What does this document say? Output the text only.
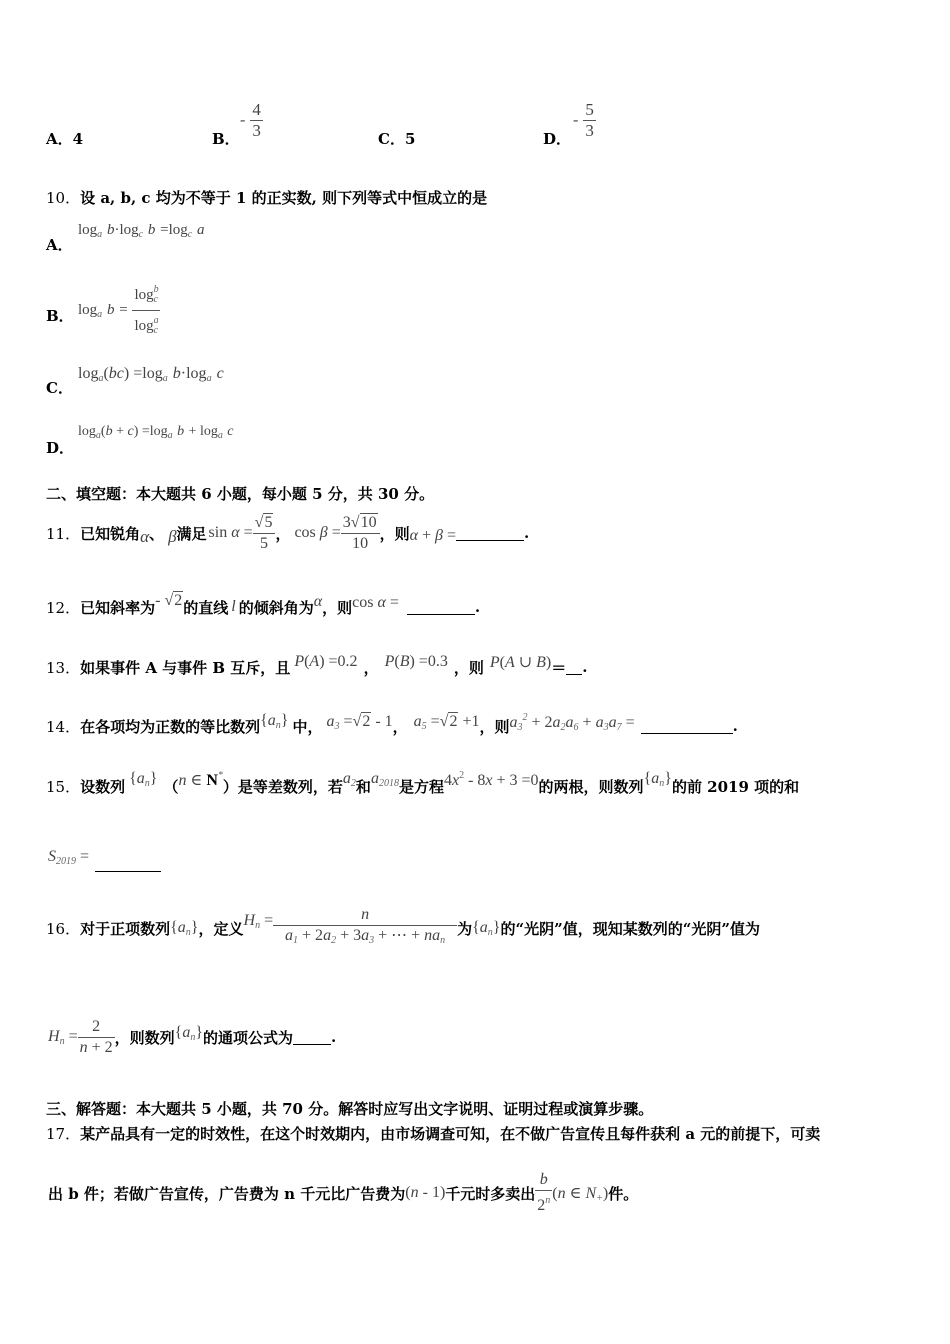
A．4	B．
- $\frac{4}{3}$	C．5	D．
- $\frac{5}{3}$
10．设 a, b, c 均为不等于 1 的正实数, 则下列等式中恒成立的是
A．
$\log_a b\cdot\log_c$ $b =\log_c$ a
B． $\log_a b = \frac{\log^b_c}{\log^a_c}$
C．
$\log_a(bc) =\log_a$ $b\cdot\log_a$ c
D．
$\log_a(b + c) =\log_a$ $b + \log_a c$
二、填空题：本大题共 6 小题，每小题 5 分，共 30 分。
11． 已知锐角 α 、 β 满足 $\sin \alpha = \frac{√5}{5}$ ， $\cos \beta = \frac{3√10}{10}$ ，则 α + β =	.
12． 已知斜率为 - √2 的直线 l 的倾斜角为 α ，则 cos α =	.
13． 如果事件 A 与事件 B 互斥，且 P(A) =0.2 ， P(B) =0.3 ，则 P(A ∪ B) ＝ .
14． 在各项均为正数的等比数列 $\{a_n\}$ 中， $a_3 =√2 - 1$ ， $a_5 =√2 +1$ ，则 $a_3^2 + 2a_2a_6 + a_3a_7$ =	.
15． 设数列 $\{a_n\}$ （ n ∈ N*
）是等差数列，若 $a_2$ 和 $a_{2018}$ 是方程 $4x^2 - 8x + 3 =0$ 的两根，则数列 $\{a_n\}$ 的前 2019 项的和
$S_{2019}$ =
16． 对于正项数列 $\{a_n\}$ ，定义 $H_n = \frac{n}{a_1 + 2a_2 + 3a_3 + \cdots + na_n}$ 为 $\{a_n\}$ 的“光阴”值，现知某数列的“光阴”值为
$H_n = \frac{2}{n + 2}$ ，则数列 $\{a_n\}$ 的通项公式为	.
三、解答题：本大题共 5 小题，共 70 分。解答时应写出文字说明、证明过程或演算步骤。
17．某产品具有一定的时效性，在这个时效期内，由市场调查可知，在不做广告宣传且每件获利 a 元的前提下，可卖
出 b 件；若做广告宣传，广告费为 n 千元比广告费为 (n - 1) 千元时多卖出 $\frac{b}{2^n} (n$ ∈ $N_+$) 件。
